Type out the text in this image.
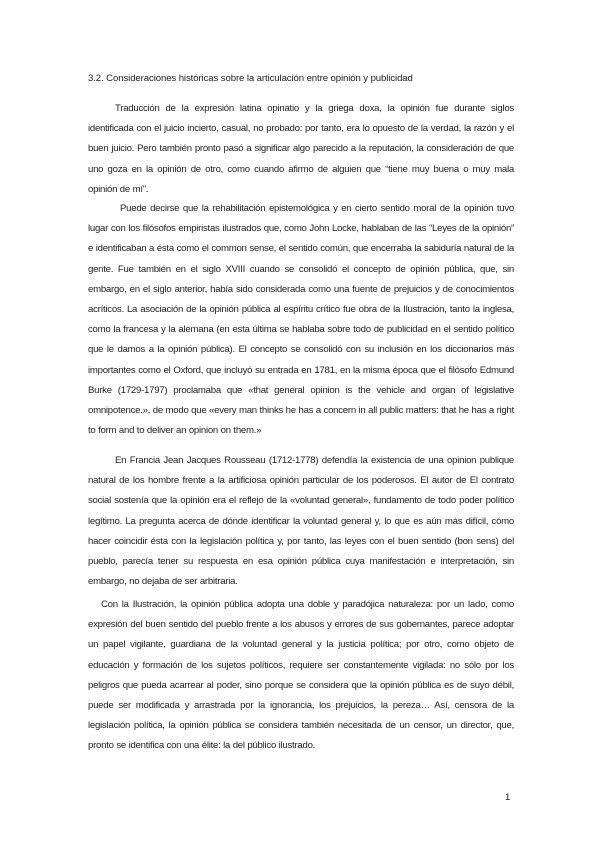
3.2. Consideraciones históricas sobre la articulación entre opinión y publicidad

Traducción de la expresión latina opinatio y la griega doxa, la opinión fue durante siglos identificada con el juicio incierto, casual, no probado: por tanto, era lo opuesto de la verdad, la razón y el buen juicio. Pero también pronto pasó a significar algo parecido a la reputación, la consideración de que uno goza en la opinión de otro, como cuando afirmo de alguien que “tiene muy buena o muy mala opinión de mí”.

Puede decirse que la rehabilitación epistemológica y en cierto sentido moral de la opinión tuvo lugar con los filósofos empiristas ilustrados que, como John Locke, hablaban de las “Leyes de la opinión” e identificaban a ésta como el common sense, el sentido común, que encerraba la sabiduría natural de la gente. Fue también en el siglo XVIII cuando se consolidó el concepto de opinión pública, que, sin embargo, en el siglo anterior, había sido considerada como una fuente de prejuicios y de conocimientos acríticos. La asociación de la opinión pública al espíritu crítico fue obra de la Ilustración, tanto la inglesa, como la francesa y la alemana (en esta última se hablaba sobre todo de publicidad en el sentido político que le damos a la opinión pública). El concepto se consolidó con su inclusión en los diccionarios más importantes como el Oxford, que incluyó su entrada en 1781, en la misma época que el filósofo Edmund Burke (1729-1797) proclamaba que «that general opinion is the vehicle and organ of legislative omnipotence.», de modo que «every man thinks he has a concern in all public matters: that he has a right to form and to deliver an opinion on them.»

En Francia Jean Jacques Rousseau (1712-1778) defendía la existencia de una opinion publique natural de los hombre frente a la artificiosa opinión particular de los poderosos. El autor de El contrato social sostenía que la opinión era el reflejo de la «voluntad general», fundamento de todo poder político legítimo. La pregunta acerca de dónde identificar la voluntad general y, lo que es aún más difícil, cómo hacer coincidir ésta con la legislación política y, por tanto, las leyes con el buen sentido (bon sens) del pueblo, parecía tener su respuesta en esa opinión pública cuya manifestación e interpretación, sin embargo, no dejaba de ser arbitraria.

Con la Ilustración, la opinión pública adopta una doble y paradójica naturaleza: por un lado, como expresión del buen sentido del pueblo frente a los abusos y errores de sus gobernantes, parece adoptar un papel vigilante, guardiana de la voluntad general y la justicia política; por otro, como objeto de educación y formación de los sujetos políticos, requiere ser constantemente vigilada: no sólo por los peligros que pueda acarrear al poder, sino porque se considera que la opinión pública es de suyo débil, puede ser modificada y arrastrada por la ignorancia, los prejuicios, la pereza… Así, censora de la legislación política, la opinión pública se considera también necesitada de un censor, un director, que, pronto se identifica con una élite: la del público ilustrado.

1
